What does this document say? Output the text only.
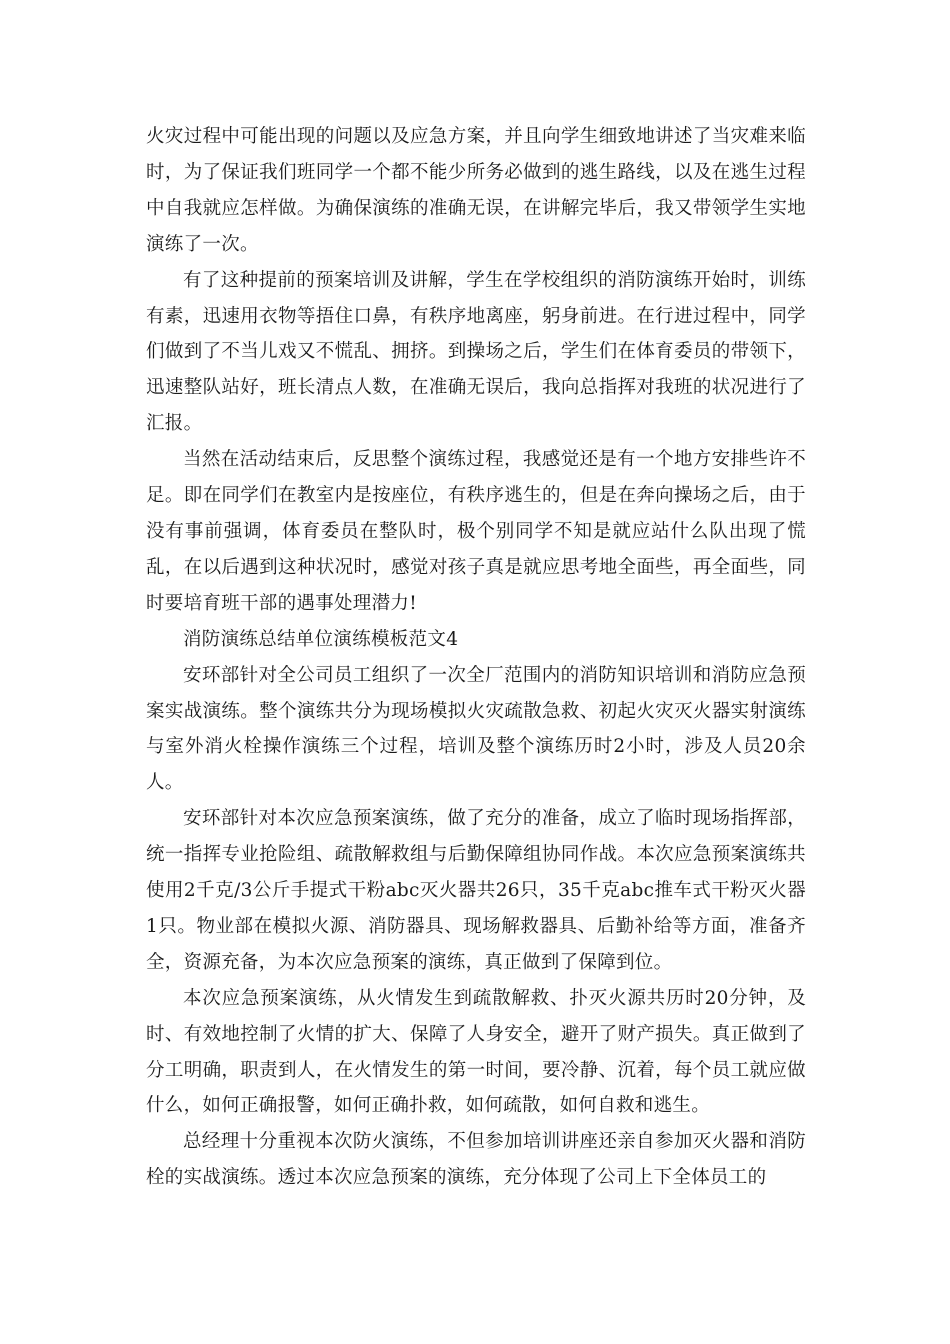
火灾过程中可能出现的问题以及应急方案，并且向学生细致地讲述了当灾难来临时，为了保证我们班同学一个都不能少所务必做到的逃生路线，以及在逃生过程中自我就应怎样做。为确保演练的准确无误，在讲解完毕后，我又带领学生实地演练了一次。

有了这种提前的预案培训及讲解，学生在学校组织的消防演练开始时，训练有素，迅速用衣物等捂住口鼻，有秩序地离座，躬身前进。在行进过程中，同学们做到了不当儿戏又不慌乱、拥挤。到操场之后，学生们在体育委员的带领下，迅速整队站好，班长清点人数，在准确无误后，我向总指挥对我班的状况进行了汇报。

当然在活动结束后，反思整个演练过程，我感觉还是有一个地方安排些许不足。即在同学们在教室内是按座位，有秩序逃生的，但是在奔向操场之后，由于没有事前强调，体育委员在整队时，极个别同学不知是就应站什么队出现了慌乱，在以后遇到这种状况时，感觉对孩子真是就应思考地全面些，再全面些，同时要培育班干部的遇事处理潜力!

消防演练总结单位演练模板范文4

安环部针对全公司员工组织了一次全厂范围内的消防知识培训和消防应急预案实战演练。整个演练共分为现场模拟火灾疏散急救、初起火灾灭火器实射演练与室外消火栓操作演练三个过程，培训及整个演练历时2小时，涉及人员20余人。

安环部针对本次应急预案演练，做了充分的准备，成立了临时现场指挥部，统一指挥专业抢险组、疏散解救组与后勤保障组协同作战。本次应急预案演练共使用2千克/3公斤手提式干粉abc灭火器共26只，35千克abc推车式干粉灭火器1只。物业部在模拟火源、消防器具、现场解救器具、后勤补给等方面，准备齐全，资源充备，为本次应急预案的演练，真正做到了保障到位。

本次应急预案演练，从火情发生到疏散解救、扑灭火源共历时20分钟，及时、有效地控制了火情的扩大、保障了人身安全，避开了财产损失。真正做到了分工明确，职责到人，在火情发生的第一时间，要冷静、沉着，每个员工就应做什么，如何正确报警，如何正确扑救，如何疏散，如何自救和逃生。

总经理十分重视本次防火演练，不但参加培训讲座还亲自参加灭火器和消防栓的实战演练。透过本次应急预案的演练，充分体现了公司上下全体员工的
